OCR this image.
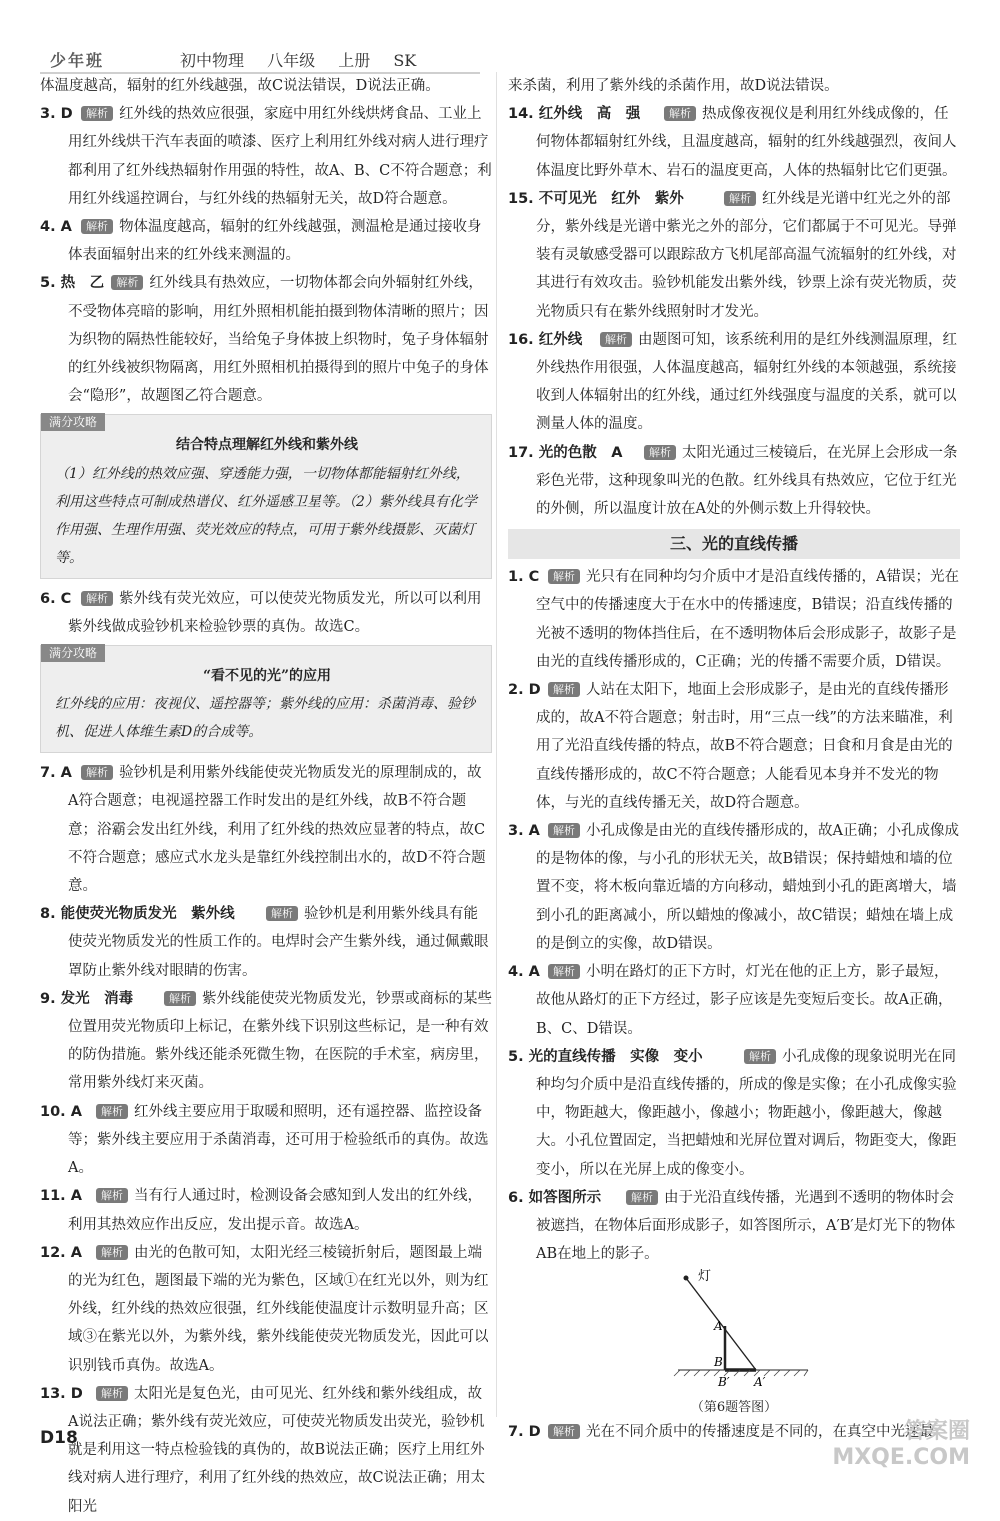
少年班	初中物理 八年级 上册 SK
体温度越高，辐射的红外线越强，故C说法错误，D说法正确。
3. D 解析 红外线的热效应很强，家庭中用红外线烘烤食品、工业上用红外线烘干汽车表面的喷漆、医疗上利用红外线对病人进行理疗都利用了红外线热辐射作用强的特性，故A、B、C不符合题意；利用红外线遥控调台，与红外线的热辐射无关，故D符合题意。
4. A 解析 物体温度越高，辐射的红外线越强，测温枪是通过接收身体表面辐射出来的红外线来测温的。
5. 热　乙 解析 红外线具有热效应，一切物体都会向外辐射红外线，不受物体亮暗的影响，用红外照相机能拍摄到物体清晰的照片；因为织物的隔热性能较好，当给兔子身体披上织物时，兔子身体辐射的红外线被织物隔离，用红外照相机拍摄得到的照片中兔子的身体会“隐形”，故题图乙符合题意。
满分攻略
结合特点理解红外线和紫外线
（1）红外线的热效应强、穿透能力强，一切物体都能辐射红外线，利用这些特点可制成热谱仪、红外遥感卫星等。（2）紫外线具有化学作用强、生理作用强、荧光效应的特点，可用于紫外线摄影、灭菌灯等。
6. C 解析 紫外线有荧光效应，可以使荧光物质发光，所以可以利用紫外线做成验钞机来检验钞票的真伪。故选C。
满分攻略
“看不见的光”的应用
红外线的应用：夜视仪、遥控器等；紫外线的应用：杀菌消毒、验钞机、促进人体维生素D的合成等。
7. A 解析 验钞机是利用紫外线能使荧光物质发光的原理制成的，故A符合题意；电视遥控器工作时发出的是红外线，故B不符合题意；浴霸会发出红外线，利用了红外线的热效应显著的特点，故C不符合题意；感应式水龙头是靠红外线控制出水的，故D不符合题意。
8. 能使荧光物质发光　紫外线	解析 验钞机是利用紫外线具有能使荧光物质发光的性质工作的。电焊时会产生紫外线，通过佩戴眼罩防止紫外线对眼睛的伤害。
9. 发光　消毒	解析 紫外线能使荧光物质发光，钞票或商标的某些位置用荧光物质印上标记，在紫外线下识别这些标记，是一种有效的防伪措施。紫外线还能杀死微生物，在医院的手术室，病房里，常用紫外线灯来灭菌。
10. A 解析 红外线主要应用于取暖和照明，还有遥控器、监控设备等；紫外线主要应用于杀菌消毒，还可用于检验纸币的真伪。故选A。
11. A 解析 当有行人通过时，检测设备会感知到人发出的红外线，利用其热效应作出反应，发出提示音。故选A。
12. A 解析 由光的色散可知，太阳光经三棱镜折射后，题图最上端的光为红色，题图最下端的光为紫色，区域①在红光以外，则为红外线，红外线的热效应很强，红外线能使温度计示数明显升高；区域③在紫光以外，为紫外线，紫外线能使荧光物质发光，因此可以识别钱币真伪。故选A。
13. D 解析 太阳光是复色光，由可见光、红外线和紫外线组成，故A说法正确；紫外线有荧光效应，可使荧光物质发出荧光，验钞机就是利用这一特点检验钱的真伪的，故B说法正确；医疗上用红外线对病人进行理疗，利用了红外线的热效应，故C说法正确；用太阳光
来杀菌，利用了紫外线的杀菌作用，故D说法错误。
14. 红外线　高　强	解析 热成像夜视仪是利用红外线成像的，任何物体都辐射红外线，且温度越高，辐射的红外线越强烈，夜间人体温度比野外草木、岩石的温度更高，人体的热辐射比它们更强。
15. 不可见光　红外　紫外	解析 红外线是光谱中红光之外的部分，紫外线是光谱中紫光之外的部分，它们都属于不可见光。导弹装有灵敏感受器可以跟踪敌方飞机尾部高温气流辐射的红外线，对其进行有效攻击。验钞机能发出紫外线，钞票上涂有荧光物质，荧光物质只有在紫外线照射时才发光。
16. 红外线 解析 由题图可知，该系统利用的是红外线测温原理，红外线热作用很强，人体温度越高，辐射红外线的本领越强，系统接收到人体辐射出的红外线，通过红外线强度与温度的关系，就可以测量人体的温度。
17. 光的色散　A 解析 太阳光通过三棱镜后，在光屏上会形成一条彩色光带，这种现象叫光的色散。红外线具有热效应，它位于红光的外侧，所以温度计放在A处的外侧示数上升得较快。
三、光的直线传播
1. C 解析 光只有在同种均匀介质中才是沿直线传播的，A错误；光在空气中的传播速度大于在水中的传播速度，B错误；沿直线传播的光被不透明的物体挡住后，在不透明物体后会形成影子，故影子是由光的直线传播形成的，C正确；光的传播不需要介质，D错误。
2. D 解析 人站在太阳下，地面上会形成影子，是由光的直线传播形成的，故A不符合题意；射击时，用“三点一线”的方法来瞄准，利用了光沿直线传播的特点，故B不符合题意；日食和月食是由光的直线传播形成的，故C不符合题意；人能看见本身并不发光的物体，与光的直线传播无关，故D符合题意。
3. A 解析 小孔成像是由光的直线传播形成的，故A正确；小孔成像成的是物体的像，与小孔的形状无关，故B错误；保持蜡烛和墙的位置不变，将木板向靠近墙的方向移动，蜡烛到小孔的距离增大，墙到小孔的距离减小，所以蜡烛的像减小，故C错误；蜡烛在墙上成的是倒立的实像，故D错误。
4. A 解析 小明在路灯的正下方时，灯光在他的正上方，影子最短，故他从路灯的正下方经过，影子应该是先变短后变长。故A正确，B、C、D错误。
5. 光的直线传播　实像　变小	解析 小孔成像的现象说明光在同种均匀介质中是沿直线传播的，所成的像是实像；在小孔成像实验中，物距越大，像距越小，像越小；物距越小，像距越大，像越大。小孔位置固定，当把蜡烛和光屏位置对调后，物距变大，像距变小，所以在光屏上成的像变小。
6. 如答图所示	解析 由于光沿直线传播，光遇到不透明的物体时会被遮挡，在物体后面形成影子，如答图所示，A′B′是灯光下的物体AB在地上的影子。
灯
A
B
B′ A′
（第6题答图）
7. D 解析 光在不同介质中的传播速度是不同的，在真空中光速最
D18	答案圈
MXQE.COM
